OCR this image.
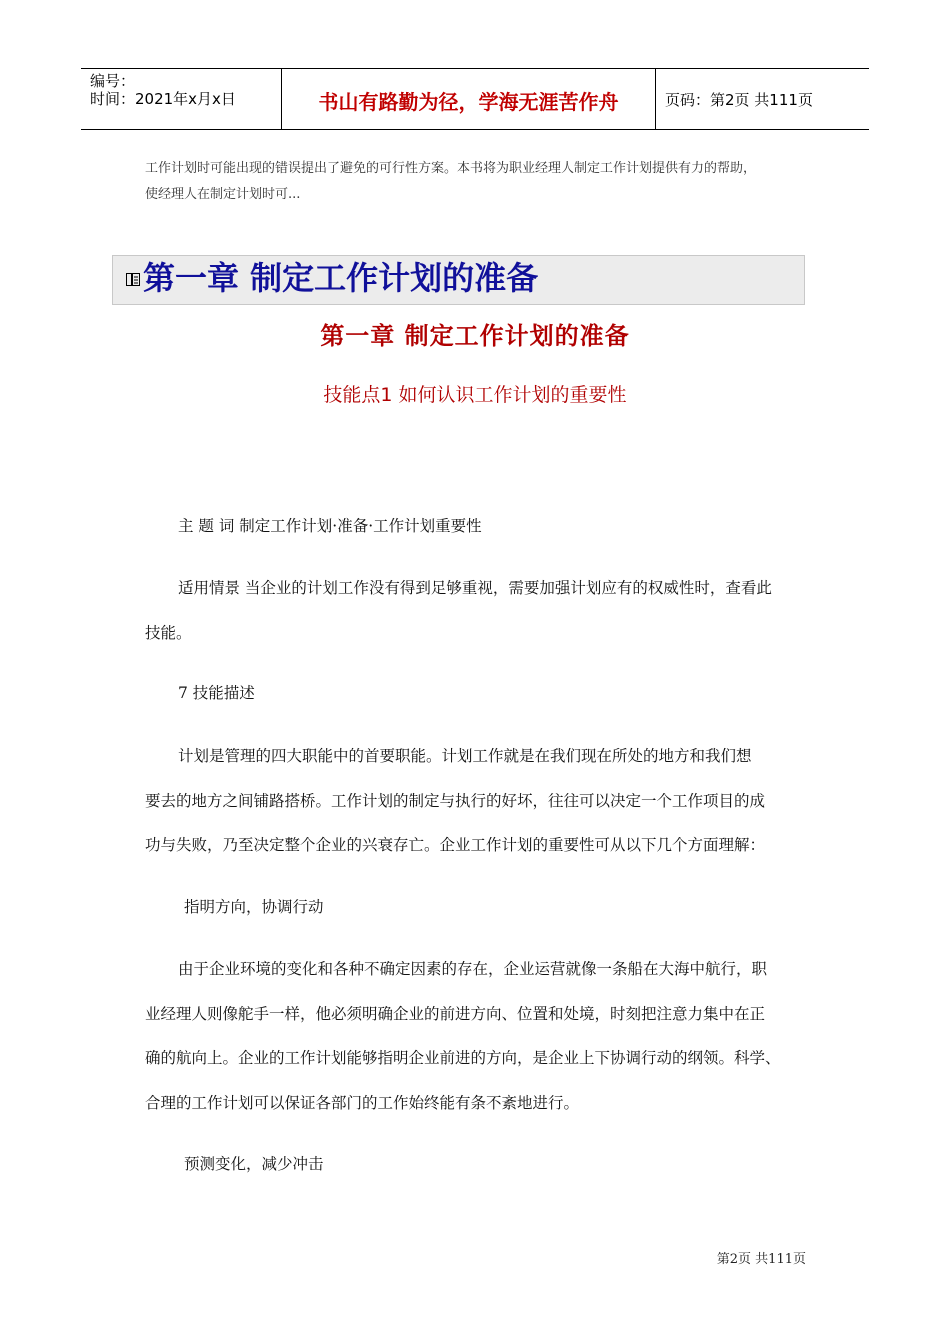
编号：
时间：2021年x月x日	书山有路勤为径，学海无涯苦作舟	页码：第2页 共111页
工作计划时可能出现的错误提出了避免的可行性方案。本书将为职业经理人制定工作计划提供有力的帮助，
使经理人在制定计划时可...
第一章 制定工作计划的准备
第一章 制定工作计划的准备
技能点1 如何认识工作计划的重要性
主 题 词 制定工作计划·准备·工作计划重要性
适用情景 当企业的计划工作没有得到足够重视，需要加强计划应有的权威性时，查看此
技能。
7 技能描述
计划是管理的四大职能中的首要职能。计划工作就是在我们现在所处的地方和我们想
要去的地方之间铺路搭桥。工作计划的制定与执行的好坏，往往可以决定一个工作项目的成
功与失败，乃至决定整个企业的兴衰存亡。企业工作计划的重要性可从以下几个方面理解：
指明方向，协调行动
由于企业环境的变化和各种不确定因素的存在，企业运营就像一条船在大海中航行，职
业经理人则像舵手一样，他必须明确企业的前进方向、位置和处境，时刻把注意力集中在正
确的航向上。企业的工作计划能够指明企业前进的方向，是企业上下协调行动的纲领。科学、
合理的工作计划可以保证各部门的工作始终能有条不紊地进行。
预测变化，减少冲击
第2页 共111页
